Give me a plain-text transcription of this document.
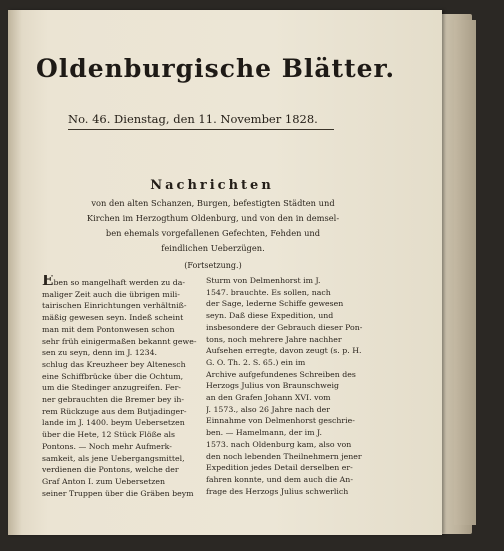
Oldenburgische Blätter.
No. 46. Dienstag, den 11. November 1828.
Nachrichten
von den alten Schanzen, Burgen, befestigten Städten und
Kirchen im Herzogthum Oldenburg, und von den in demsel-
ben ehemals vorgefallenen Gefechten, Fehden und
feindlichen Ueberzügen.
(Fortsetzung.)
Eben so mangelhaft werden zu da-
maliger Zeit auch die übrigen mili-
tairischen Einrichtungen verhältniß-
mäßig gewesen seyn. Indeß scheint
man mit dem Pontonwesen schon
sehr früh einigermaßen bekannt gewe-
sen zu seyn, denn im J. 1234.
schlug das Kreuzheer bey Altenesch
eine Schiffbrücke über die Ochtum,
um die Stedinger anzugreifen. Fer-
ner gebrauchten die Bremer bey ih-
rem Rückzuge aus dem Butjadinger-
lande im J. 1400. beym Uebersetzen
über die Hete, 12 Stück Flöße als
Pontons. — Noch mehr Aufmerk-
samkeit, als jene Uebergangsmittel,
verdienen die Pontons, welche der
Graf Anton I. zum Uebersetzen
seiner Truppen über die Gräben beym
Sturm von Delmenhorst im J.
1547. brauchte. Es sollen, nach
der Sage, lederne Schiffe gewesen
seyn. Daß diese Expedition, und
insbesondere der Gebrauch dieser Pon-
tons, noch mehrere Jahre nachher
Aufsehen erregte, davon zeugt (s. p. H.
G. O. Th. 2. S. 65.) ein im
Archive aufgefundenes Schreiben des
Herzogs Julius von Braunschweig
an den Grafen Johann XVI. vom
J. 1573., also 26 Jahre nach der
Einnahme von Delmenhorst geschrie-
ben. — Hamelmann, der im J.
1573. nach Oldenburg kam, also von
den noch lebenden Theilnehmern jener
Expedition jedes Detail derselben er-
fahren konnte, und dem auch die An-
frage des Herzogs Julius schwerlich
